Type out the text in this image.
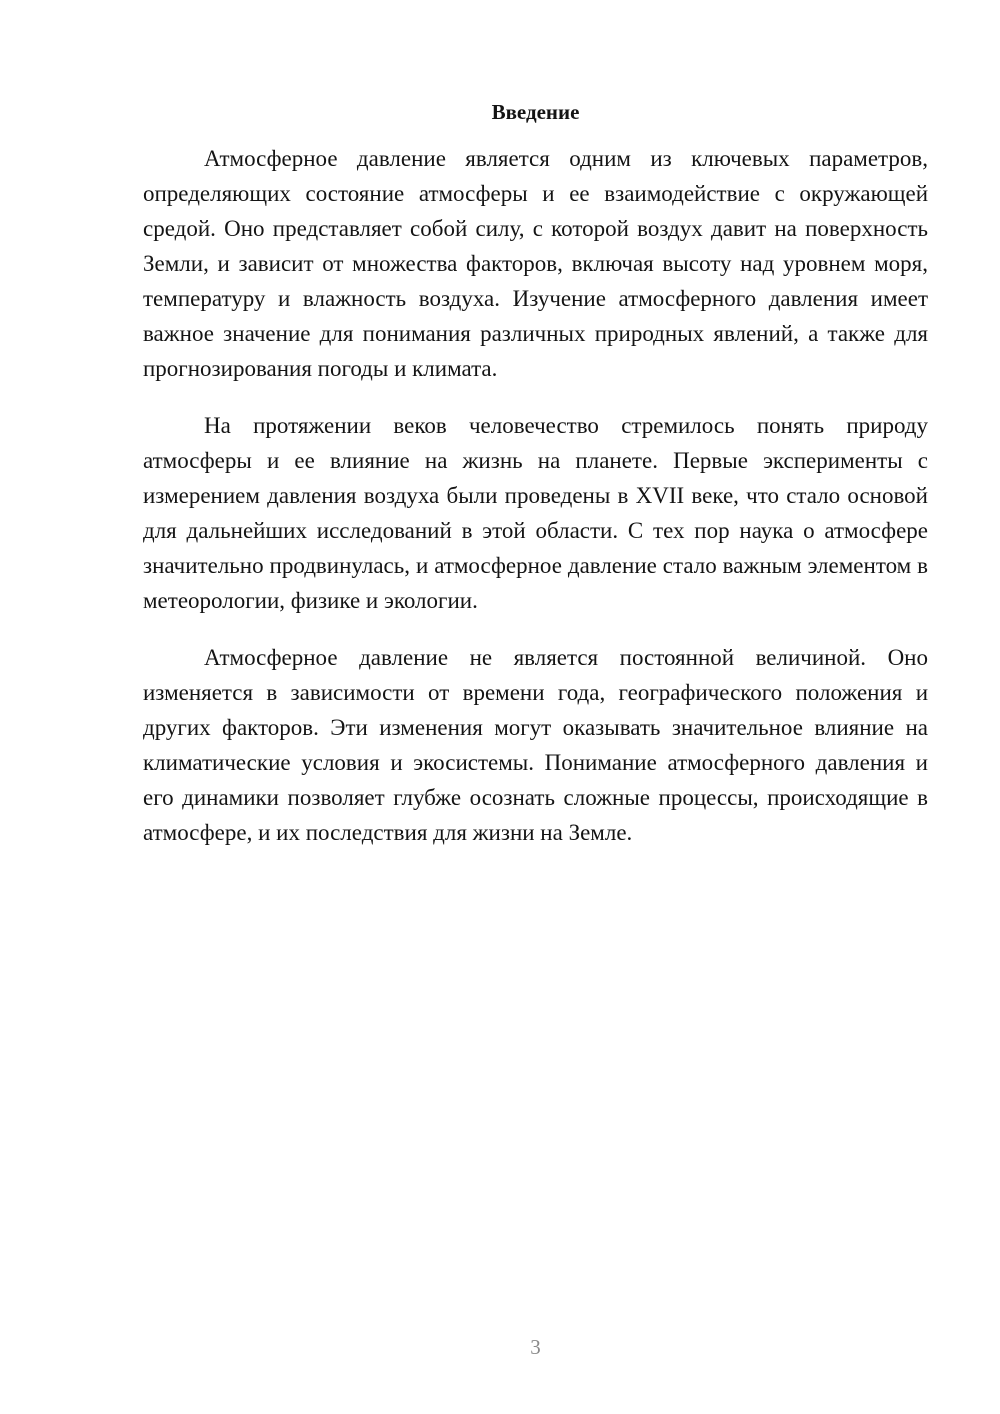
Введение

Атмосферное давление является одним из ключевых параметров, определяющих состояние атмосферы и ее взаимодействие с окружающей средой. Оно представляет собой силу, с которой воздух давит на поверхность Земли, и зависит от множества факторов, включая высоту над уровнем моря, температуру и влажность воздуха. Изучение атмосферного давления имеет важное значение для понимания различных природных явлений, а также для прогнозирования погоды и климата.

На протяжении веков человечество стремилось понять природу атмосферы и ее влияние на жизнь на планете. Первые эксперименты с измерением давления воздуха были проведены в XVII веке, что стало основой для дальнейших исследований в этой области. С тех пор наука о атмосфере значительно продвинулась, и атмосферное давление стало важным элементом в метеорологии, физике и экологии.

Атмосферное давление не является постоянной величиной. Оно изменяется в зависимости от времени года, географического положения и других факторов. Эти изменения могут оказывать значительное влияние на климатические условия и экосистемы. Понимание атмосферного давления и его динамики позволяет глубже осознать сложные процессы, происходящие в атмосфере, и их последствия для жизни на Земле.

3
